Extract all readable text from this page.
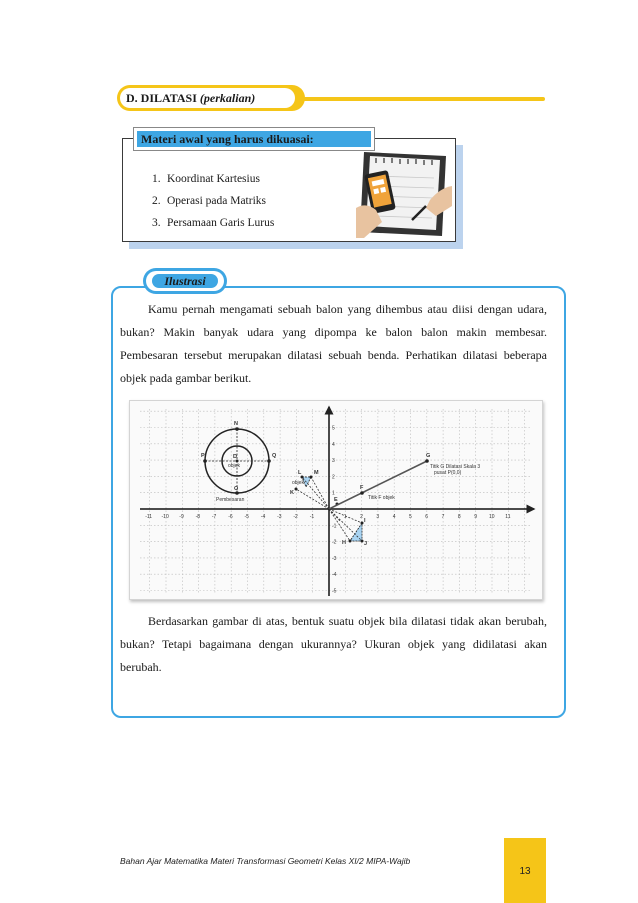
D. DILATASI (perkalian)
Materi awal yang harus dikuasai:
1. Koordinat Kartesius
2. Operasi pada Matriks
3. Persamaan Garis Lurus
Ilustrasi

Kamu pernah mengamati sebuah balon yang dihembus atau diisi dengan udara, bukan? Makin banyak udara yang dipompa ke balon balon makin membesar. Pembesaran tersebut merupakan dilatasi sebuah benda. Perhatikan dilatasi beberapa objek pada gambar berikut.

-11 -10 -9 -8 -7 -6 -5 -4 -3 -2 -1	1	2	3	4	5	6	7	8	9 10 11
5
4
3
2
1
-1
-2
-3
-4
-5
N
P	Q
O
D
objek
Pembesaran
L M
K
objek
E
F
G
Titik G Dilatasi Skala 3
pusat P(0,0)
Titik F objek
I
H	J

Berdasarkan gambar di atas, bentuk suatu objek bila dilatasi tidak akan berubah, bukan? Tetapi bagaimana dengan ukurannya? Ukuran objek yang didilatasi akan berubah.

Bahan Ajar Matematika Materi Transformasi Geometri Kelas XI/2 MIPA-Wajib
13
